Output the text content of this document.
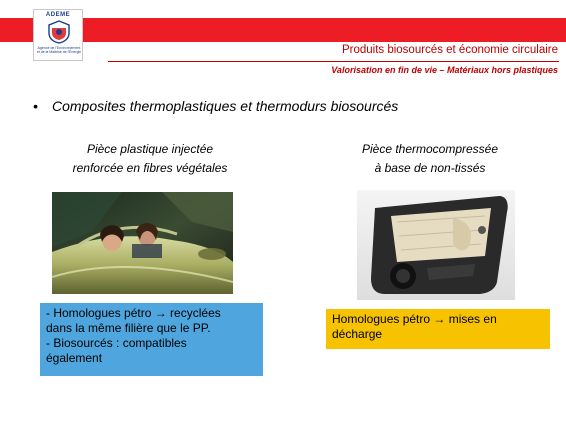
ADEME
Agence de l'Environnement et de la Maîtrise de l'Énergie	Produits biosourcés et économie circulaire
Valorisation en fin de vie – Matériaux hors plastiques
• Composites thermoplastiques et thermodurs biosourcés
Pièce plastique injectée
renforcée en fibres végétales
Pièce thermocompressée
à base de non-tissés
- Homologues pétro → recyclées
dans la même filière que le PP.
- Biosourcés : compatibles
également
Homologues pétro → mises en
décharge
